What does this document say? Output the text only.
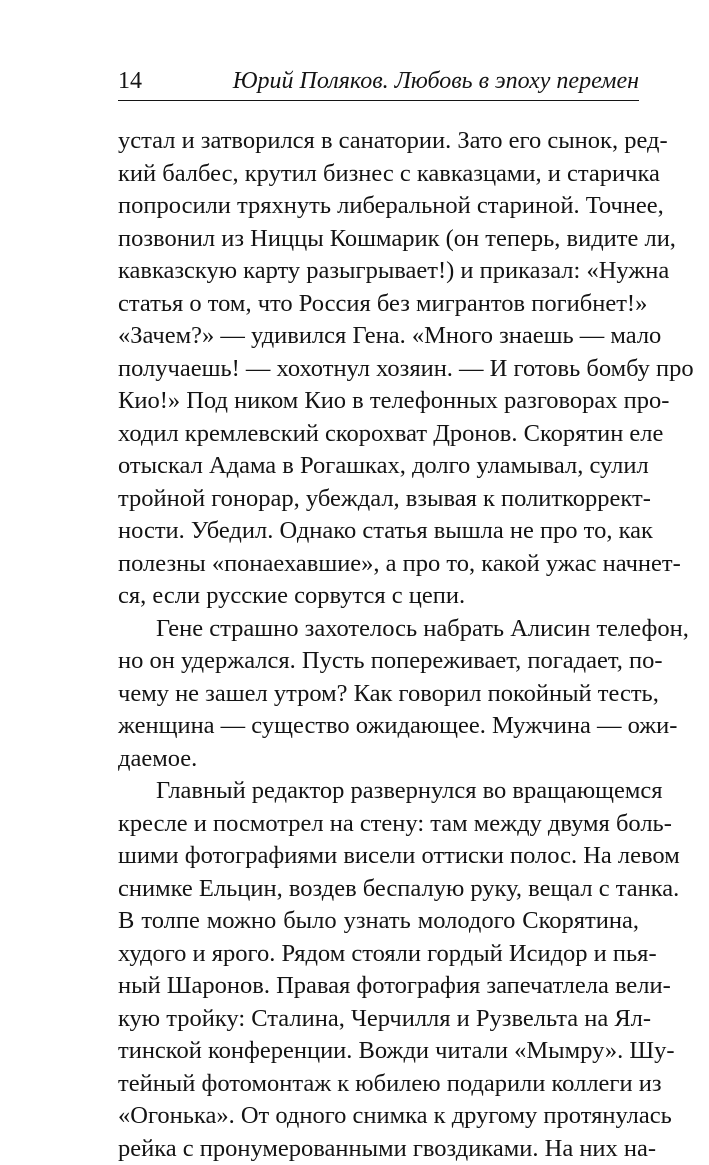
14	Юрий Поляков. Любовь в эпоху перемен
устал и затворился в санатории. Зато его сынок, ред-
кий балбес, крутил бизнес с кавказцами, и старичка
попросили тряхнуть либеральной стариной. Точнее,
позвонил из Ниццы Кошмарик (он теперь, видите ли,
кавказскую карту разыгрывает!) и приказал: «Нужна
статья о том, что Россия без мигрантов погибнет!»
«Зачем?» — удивился Гена. «Много знаешь — мало
получаешь! — хохотнул хозяин. — И готовь бомбу про
Кио!» Под ником Кио в телефонных разговорах про-
ходил кремлевский скорохват Дронов. Скорятин еле
отыскал Адама в Рогашках, долго уламывал, сулил
тройной гонорар, убеждал, взывая к политкоррект-
ности. Убедил. Однако статья вышла не про то, как
полезны «понаехавшие», а про то, какой ужас начнет-
ся, если русские сорвутся с цепи.
Гене страшно захотелось набрать Алисин телефон,
но он удержался. Пусть попереживает, погадает, по-
чему не зашел утром? Как говорил покойный тесть,
женщина — существо ожидающее. Мужчина — ожи-
даемое.
Главный редактор развернулся во вращающемся
кресле и посмотрел на стену: там между двумя боль-
шими фотографиями висели оттиски полос. На левом
снимке Ельцин, воздев беспалую руку, вещал с танка.
В толпе можно было узнать молодого Скорятина,
худого и ярого. Рядом стояли гордый Исидор и пья-
ный Шаронов. Правая фотография запечатлела вели-
кую тройку: Сталина, Черчилля и Рузвельта на Ял-
тинской конференции. Вожди читали «Мымру». Шу-
тейный фотомонтаж к юбилею подарили коллеги из
«Огонька». От одного снимка к другому протянулась
рейка с пронумерованными гвоздиками. На них на-
